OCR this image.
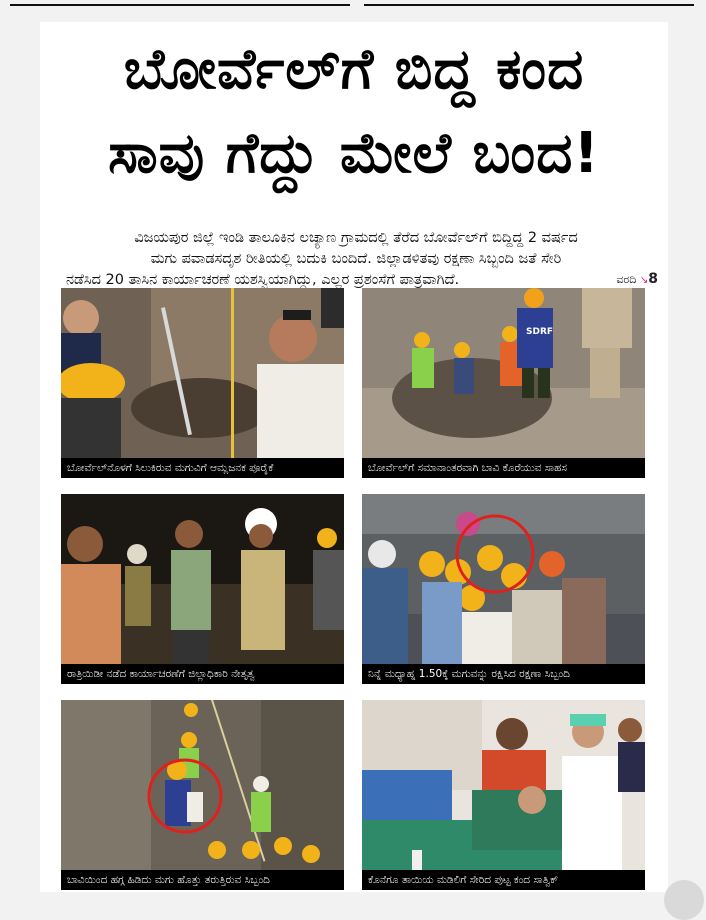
ಬೋರ್ವೆಲ್‌ಗೆ ಬಿದ್ದ ಕಂದ
ಸಾವು ಗೆದ್ದು ಮೇಲೆ ಬಂದ!
ವಿಜಯಪುರ ಜಿಲ್ಲೆ ಇಂಡಿ ತಾಲೂಕಿನ ಲಚ್ಯಾಣ ಗ್ರಾಮದಲ್ಲಿ ತೆರೆದ ಬೋರ್ವೆಲ್‌ಗೆ ಬಿದ್ದಿದ್ದ 2 ವರ್ಷದ
ಮಗು ಪವಾಡಸದೃಶ ರೀತಿಯಲ್ಲಿ ಬದುಕಿ ಬಂದಿದೆ. ಜಿಲ್ಲಾಡಳಿತವು ರಕ್ಷಣಾ ಸಿಬ್ಬಂದಿ ಜತೆ ಸೇರಿ
ನಡೆಸಿದ 20 ತಾಸಿನ ಕಾರ್ಯಾಚರಣೆ ಯಶಸ್ವಿಯಾಗಿದ್ದು, ಎಲ್ಲರ ಪ್ರಶಂಸೆಗೆ ಪಾತ್ರವಾಗಿದೆ.	ವರದಿ ↘8
ಬೋರ್ವೆಲ್‌ನೊಳಗೆ ಸಿಲುಕಿರುವ ಮಗುವಿಗೆ ಆಮ್ಲಜನಕ ಪೂರೈಕೆ
SDRF
ಬೋರ್ವೆಲ್‌ಗೆ ಸಮಾನಾಂತರವಾಗಿ ಬಾವಿ ಕೊರೆಯುವ ಸಾಹಸ
ರಾತ್ರಿಯಿಡೀ ನಡೆದ ಕಾರ್ಯಾಚರಣೆಗೆ ಜಿಲ್ಲಾಧಿಕಾರಿ ನೇತೃತ್ವ	ನಿನ್ನೆ ಮಧ್ಯಾಹ್ನ 1.50ಕ್ಕೆ ಮಗುವನ್ನು ರಕ್ಷಿಸಿದ ರಕ್ಷಣಾ ಸಿಬ್ಬಂದಿ
ಬಾವಿಯಿಂದ ಹಗ್ಗ ಹಿಡಿದು ಮಗು ಹೊತ್ತು ತರುತ್ತಿರುವ ಸಿಬ್ಬಂದಿ	ಕೊನೆಗೂ ತಾಯಿಯ ಮಡಿಲಿಗೆ ಸೇರಿದ ಪುಟ್ಟ ಕಂದ ಸಾತ್ವಿಕ್
